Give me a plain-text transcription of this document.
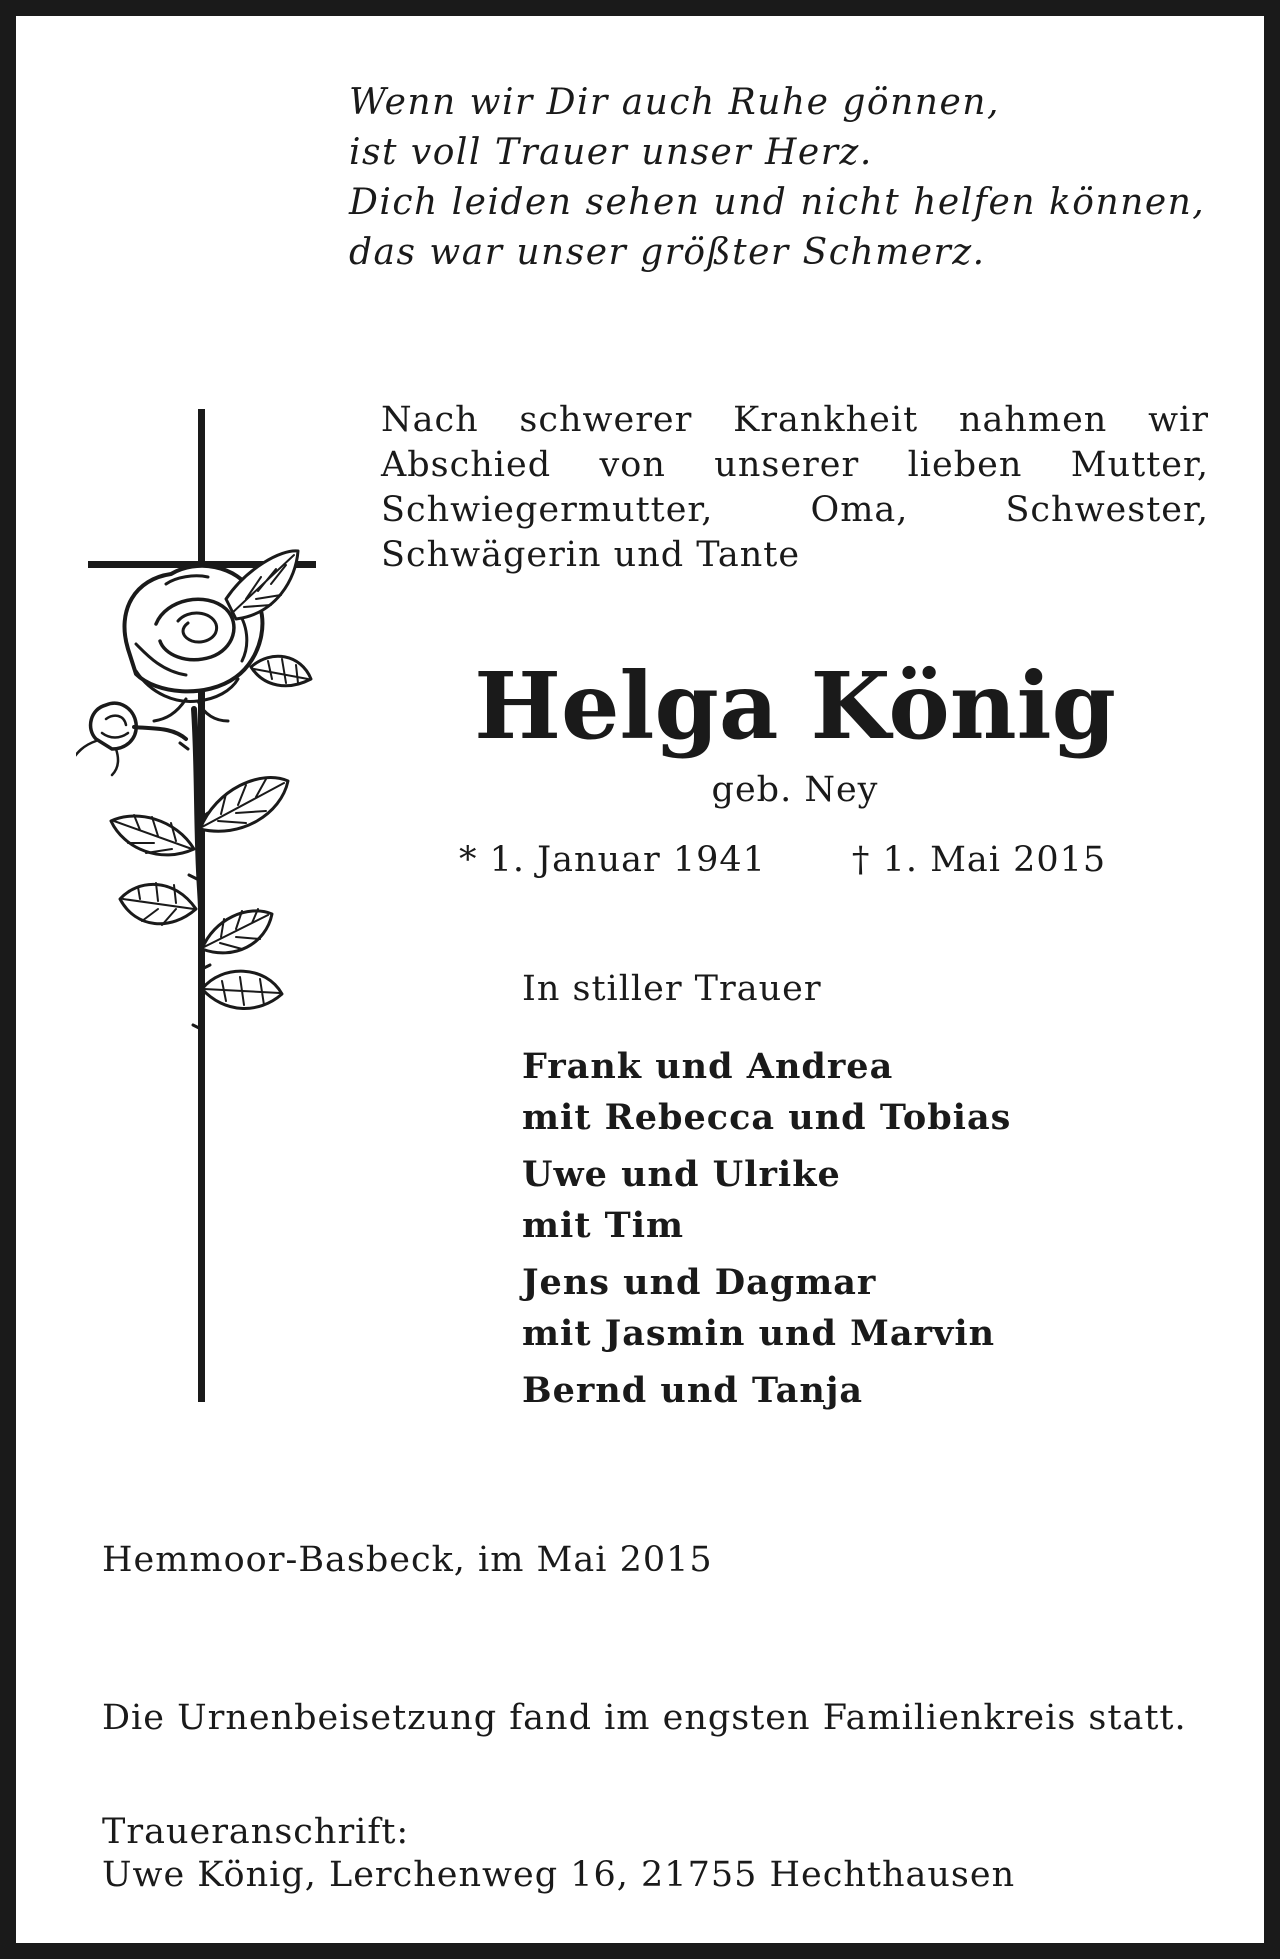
Wenn wir Dir auch Ruhe gönnen,
ist voll Trauer unser Herz.
Dich leiden sehen und nicht helfen können,
das war unser größter Schmerz.
Nach schwerer Krankheit nahmen wir Abschied von unserer lieben Mutter, Schwiegermutter, Oma, Schwester, Schwägerin und Tante
Helga König
geb. Ney
* 1. Januar 1941 † 1. Mai 2015
In stiller Trauer
Frank und Andrea
mit Rebecca und Tobias
Uwe und Ulrike
mit Tim
Jens und Dagmar
mit Jasmin und Marvin
Bernd und Tanja
Hemmoor-Basbeck, im Mai 2015
Die Urnenbeisetzung fand im engsten Familienkreis statt.
Traueranschrift:
Uwe König, Lerchenweg 16, 21755 Hechthausen
